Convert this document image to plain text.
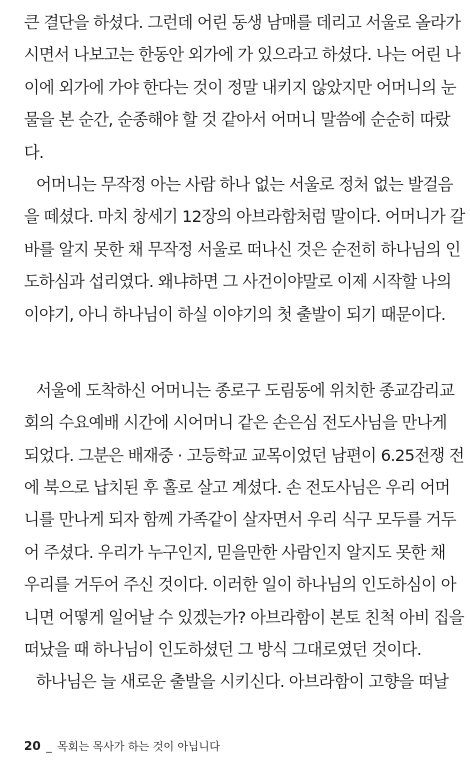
큰 결단을 하셨다. 그런데 어린 동생 남매를 데리고 서울로 올라가
시면서 나보고는 한동안 외가에 가 있으라고 하셨다. 나는 어린 나
이에 외가에 가야 한다는 것이 정말 내키지 않았지만 어머니의 눈
물을 본 순간, 순종해야 할 것 같아서 어머니 말씀에 순순히 따랐
다.
어머니는 무작정 아는 사람 하나 없는 서울로 정처 없는 발걸음
을 떼셨다. 마치 창세기 12장의 아브라함처럼 말이다. 어머니가 갈
바를 알지 못한 채 무작정 서울로 떠나신 것은 순전히 하나님의 인
도하심과 섭리였다. 왜냐하면 그 사건이야말로 이제 시작할 나의
이야기, 아니 하나님이 하실 이야기의 첫 출발이 되기 때문이다.
서울에 도착하신 어머니는 종로구 도림동에 위치한 종교감리교
회의 수요예배 시간에 시어머니 같은 손은심 전도사님을 만나게
되었다. 그분은 배재중 · 고등학교 교목이었던 남편이 6.25전쟁 전
에 북으로 납치된 후 홀로 살고 계셨다. 손 전도사님은 우리 어머
니를 만나게 되자 함께 가족같이 살자면서 우리 식구 모두를 거두
어 주셨다. 우리가 누구인지, 믿을만한 사람인지 알지도 못한 채
우리를 거두어 주신 것이다. 이러한 일이 하나님의 인도하심이 아
니면 어떻게 일어날 수 있겠는가? 아브라함이 본토 친척 아비 집을
떠났을 때 하나님이 인도하셨던 그 방식 그대로였던 것이다.
하나님은 늘 새로운 출발을 시키신다. 아브라함이 고향을 떠날
20 _ 목회는 목사가 하는 것이 아닙니다
